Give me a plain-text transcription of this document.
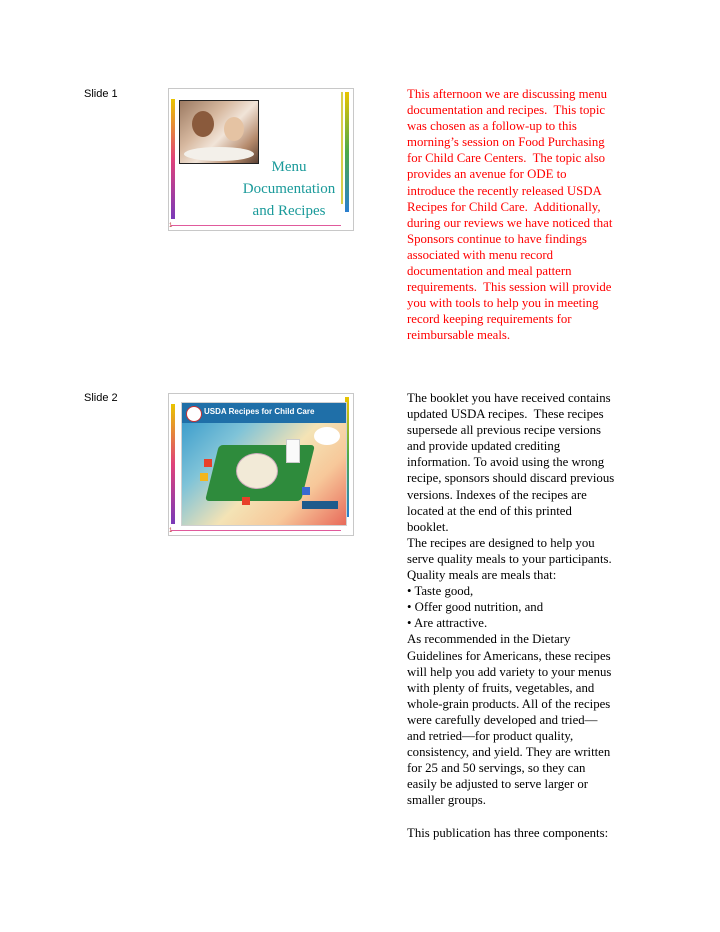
Slide 1
Menu
Documentation
and Recipes
1

This afternoon we are discussing menu

documentation and recipes.  This topic

was chosen as a follow-up to this

morning’s session on Food Purchasing

for Child Care Centers.  The topic also

provides an avenue for ODE to

introduce the recently released USDA

Recipes for Child Care.  Additionally,

during our reviews we have noticed that

Sponsors continue to have findings

associated with menu record

documentation and meal pattern

requirements.  This session will provide

you with tools to help you in meeting

record keeping requirements for

reimbursable meals.

Slide 2
USDA Recipes for Child Care
1

The booklet you have received contains

updated USDA recipes.  These recipes

supersede all previous recipe versions

and provide updated crediting

information. To avoid using the wrong

recipe, sponsors should discard previous

versions. Indexes of the recipes are

located at the end of this printed

booklet.

The recipes are designed to help you

serve quality meals to your participants.

Quality meals are meals that:

• Taste good,

• Offer good nutrition, and

• Are attractive.

As recommended in the Dietary

Guidelines for Americans, these recipes

will help you add variety to your menus

with plenty of fruits, vegetables, and

whole-grain products. All of the recipes

were carefully developed and tried—

and retried—for product quality,

consistency, and yield. They are written

for 25 and 50 servings, so they can

easily be adjusted to serve larger or

smaller groups.

This publication has three components:
